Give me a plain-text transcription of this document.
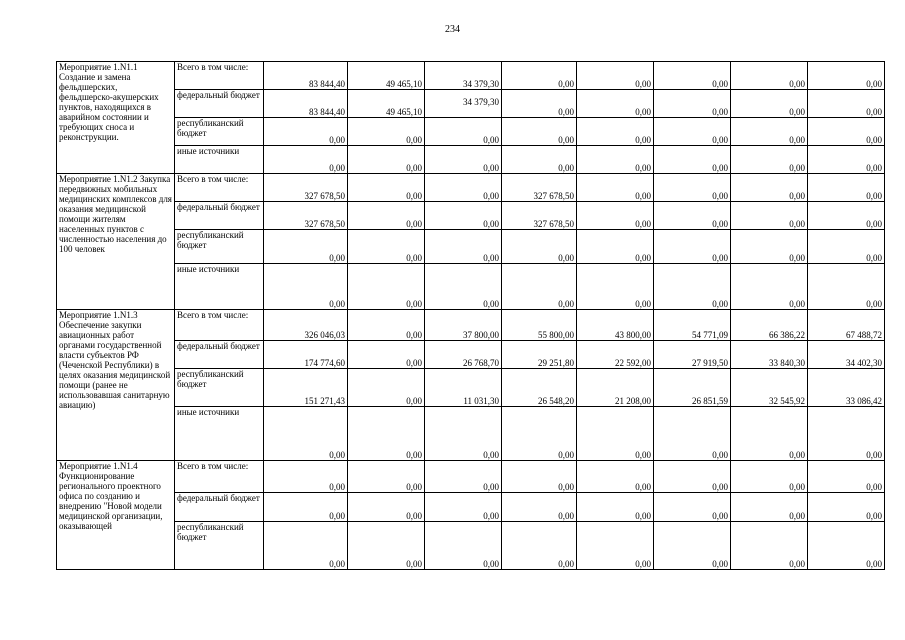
234
Мероприятие 1.N1.1 Создание и замена фельдшерских, фельдшерско-акушерских пунктов, находящихся в аварийном состоянии и требующих сноса и реконструкции.	Всего в том числе:	83 844,40	49 465,10	34 379,30	0,00	0,00	0,00	0,00	0,00
	федеральный бюджет	83 844,40	49 465,10	34 379,30	0,00	0,00	0,00	0,00	0,00
	республиканский бюджет	0,00	0,00	0,00	0,00	0,00	0,00	0,00	0,00
	иные источники	0,00	0,00	0,00	0,00	0,00	0,00	0,00	0,00
Мероприятие 1.N1.2 Закупка передвижных мобильных медицинских комплексов для оказания медицинской помощи жителям населенных пунктов с численностью населения до 100 человек	Всего в том числе:	327 678,50	0,00	0,00	327 678,50	0,00	0,00	0,00	0,00
	федеральный бюджет	327 678,50	0,00	0,00	327 678,50	0,00	0,00	0,00	0,00
	республиканский бюджет	0,00	0,00	0,00	0,00	0,00	0,00	0,00	0,00
	иные источники	0,00	0,00	0,00	0,00	0,00	0,00	0,00	0,00
Мероприятие 1.N1.3 Обеспечение закупки авиационных работ органами государственной власти субъектов РФ (Чеченской Республики) в целях оказания медицинской помощи (ранее не использовавшая санитарную авиацию)	Всего в том числе:	326 046,03	0,00	37 800,00	55 800,00	43 800,00	54 771,09	66 386,22	67 488,72
	федеральный бюджет	174 774,60	0,00	26 768,70	29 251,80	22 592,00	27 919,50	33 840,30	34 402,30
	республиканский бюджет	151 271,43	0,00	11 031,30	26 548,20	21 208,00	26 851,59	32 545,92	33 086,42
	иные источники	0,00	0,00	0,00	0,00	0,00	0,00	0,00	0,00
Мероприятие 1.N1.4 Функционирование регионального проектного офиса по созданию и внедрению "Новой модели медицинской организации, оказывающей	Всего в том числе:	0,00	0,00	0,00	0,00	0,00	0,00	0,00	0,00
	федеральный бюджет	0,00	0,00	0,00	0,00	0,00	0,00	0,00	0,00
	республиканский бюджет	0,00	0,00	0,00	0,00	0,00	0,00	0,00	0,00
